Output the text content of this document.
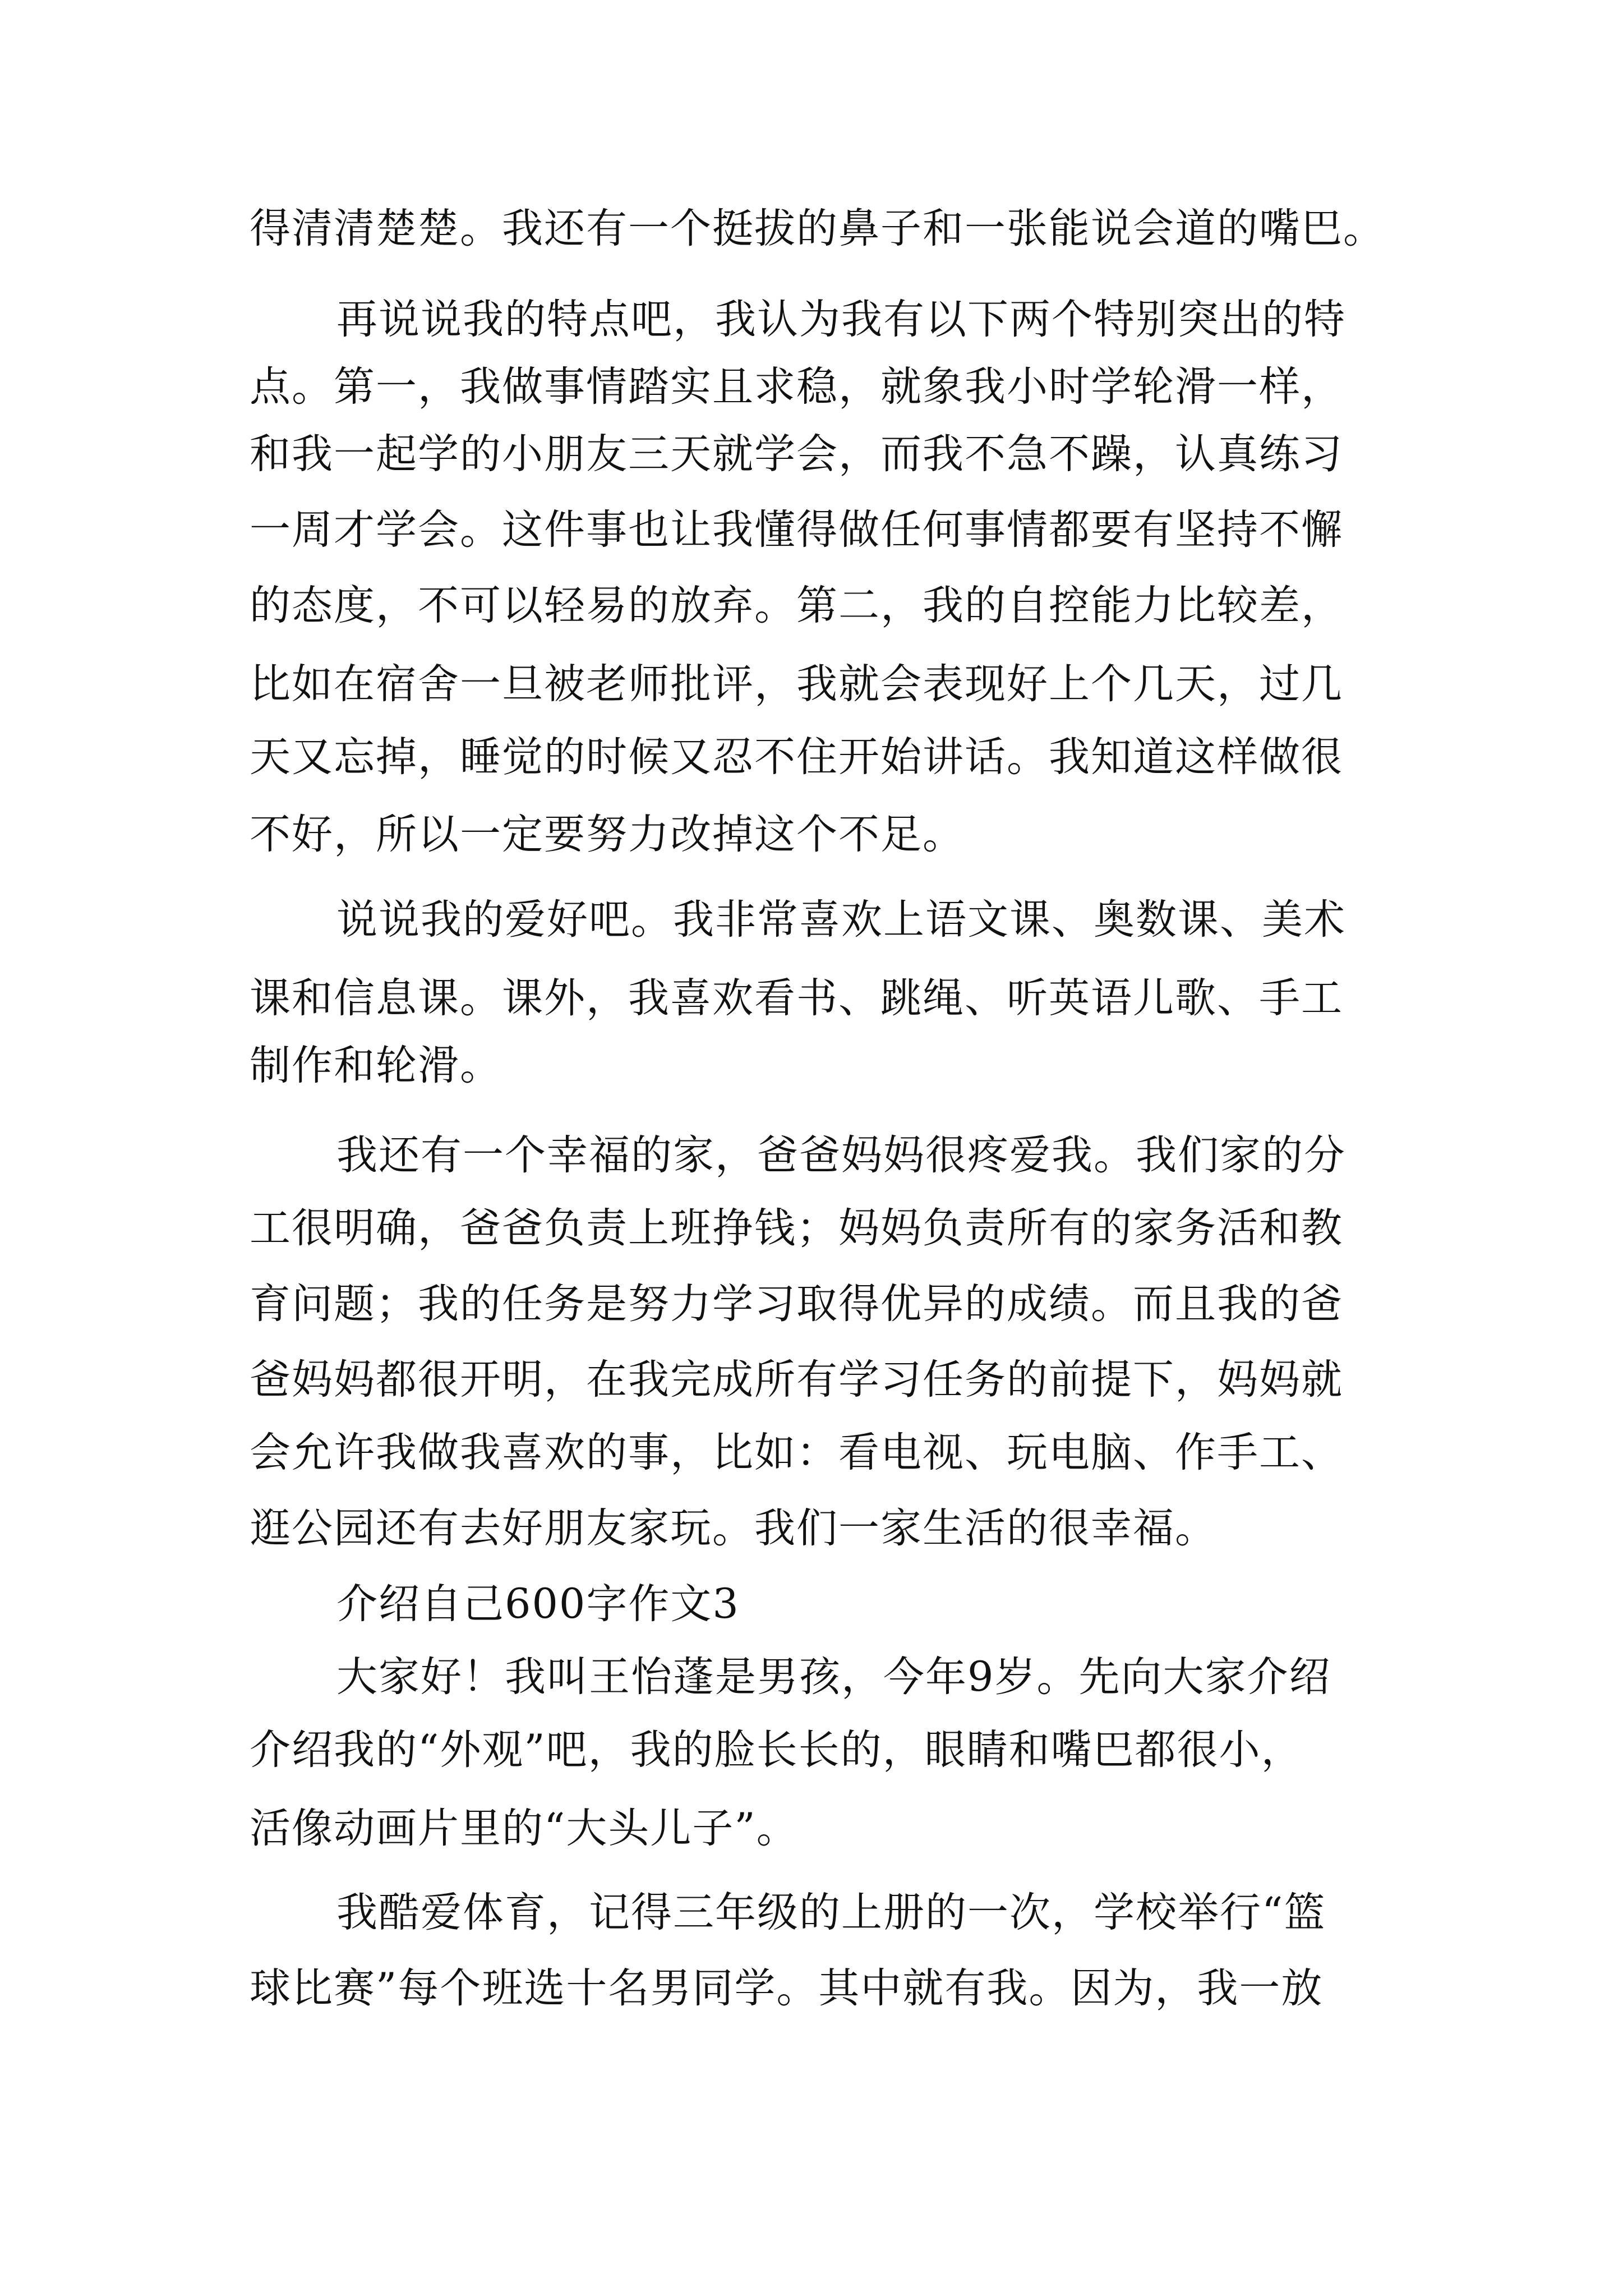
得清清楚楚。我还有一个挺拔的鼻子和一张能说会道的嘴巴。
再说说我的特点吧，我认为我有以下两个特别突出的特
点。第一，我做事情踏实且求稳，就象我小时学轮滑一样，
和我一起学的小朋友三天就学会，而我不急不躁，认真练习
一周才学会。这件事也让我懂得做任何事情都要有坚持不懈
的态度，不可以轻易的放弃。第二，我的自控能力比较差，
比如在宿舍一旦被老师批评，我就会表现好上个几天，过几
天又忘掉，睡觉的时候又忍不住开始讲话。我知道这样做很
不好，所以一定要努力改掉这个不足。
说说我的爱好吧。我非常喜欢上语文课、奥数课、美术
课和信息课。课外，我喜欢看书、跳绳、听英语儿歌、手工
制作和轮滑。
我还有一个幸福的家，爸爸妈妈很疼爱我。我们家的分
工很明确，爸爸负责上班挣钱；妈妈负责所有的家务活和教
育问题；我的任务是努力学习取得优异的成绩。而且我的爸
爸妈妈都很开明，在我完成所有学习任务的前提下，妈妈就
会允许我做我喜欢的事，比如：看电视、玩电脑、作手工、
逛公园还有去好朋友家玩。我们一家生活的很幸福。
介绍自己600字作文3
大家好！我叫王怡蓬是男孩，今年9岁。先向大家介绍
介绍我的“外观”吧，我的脸长长的，眼睛和嘴巴都很小，
活像动画片里的“大头儿子”。
我酷爱体育，记得三年级的上册的一次，学校举行“篮
球比赛”每个班选十名男同学。其中就有我。因为，我一放
